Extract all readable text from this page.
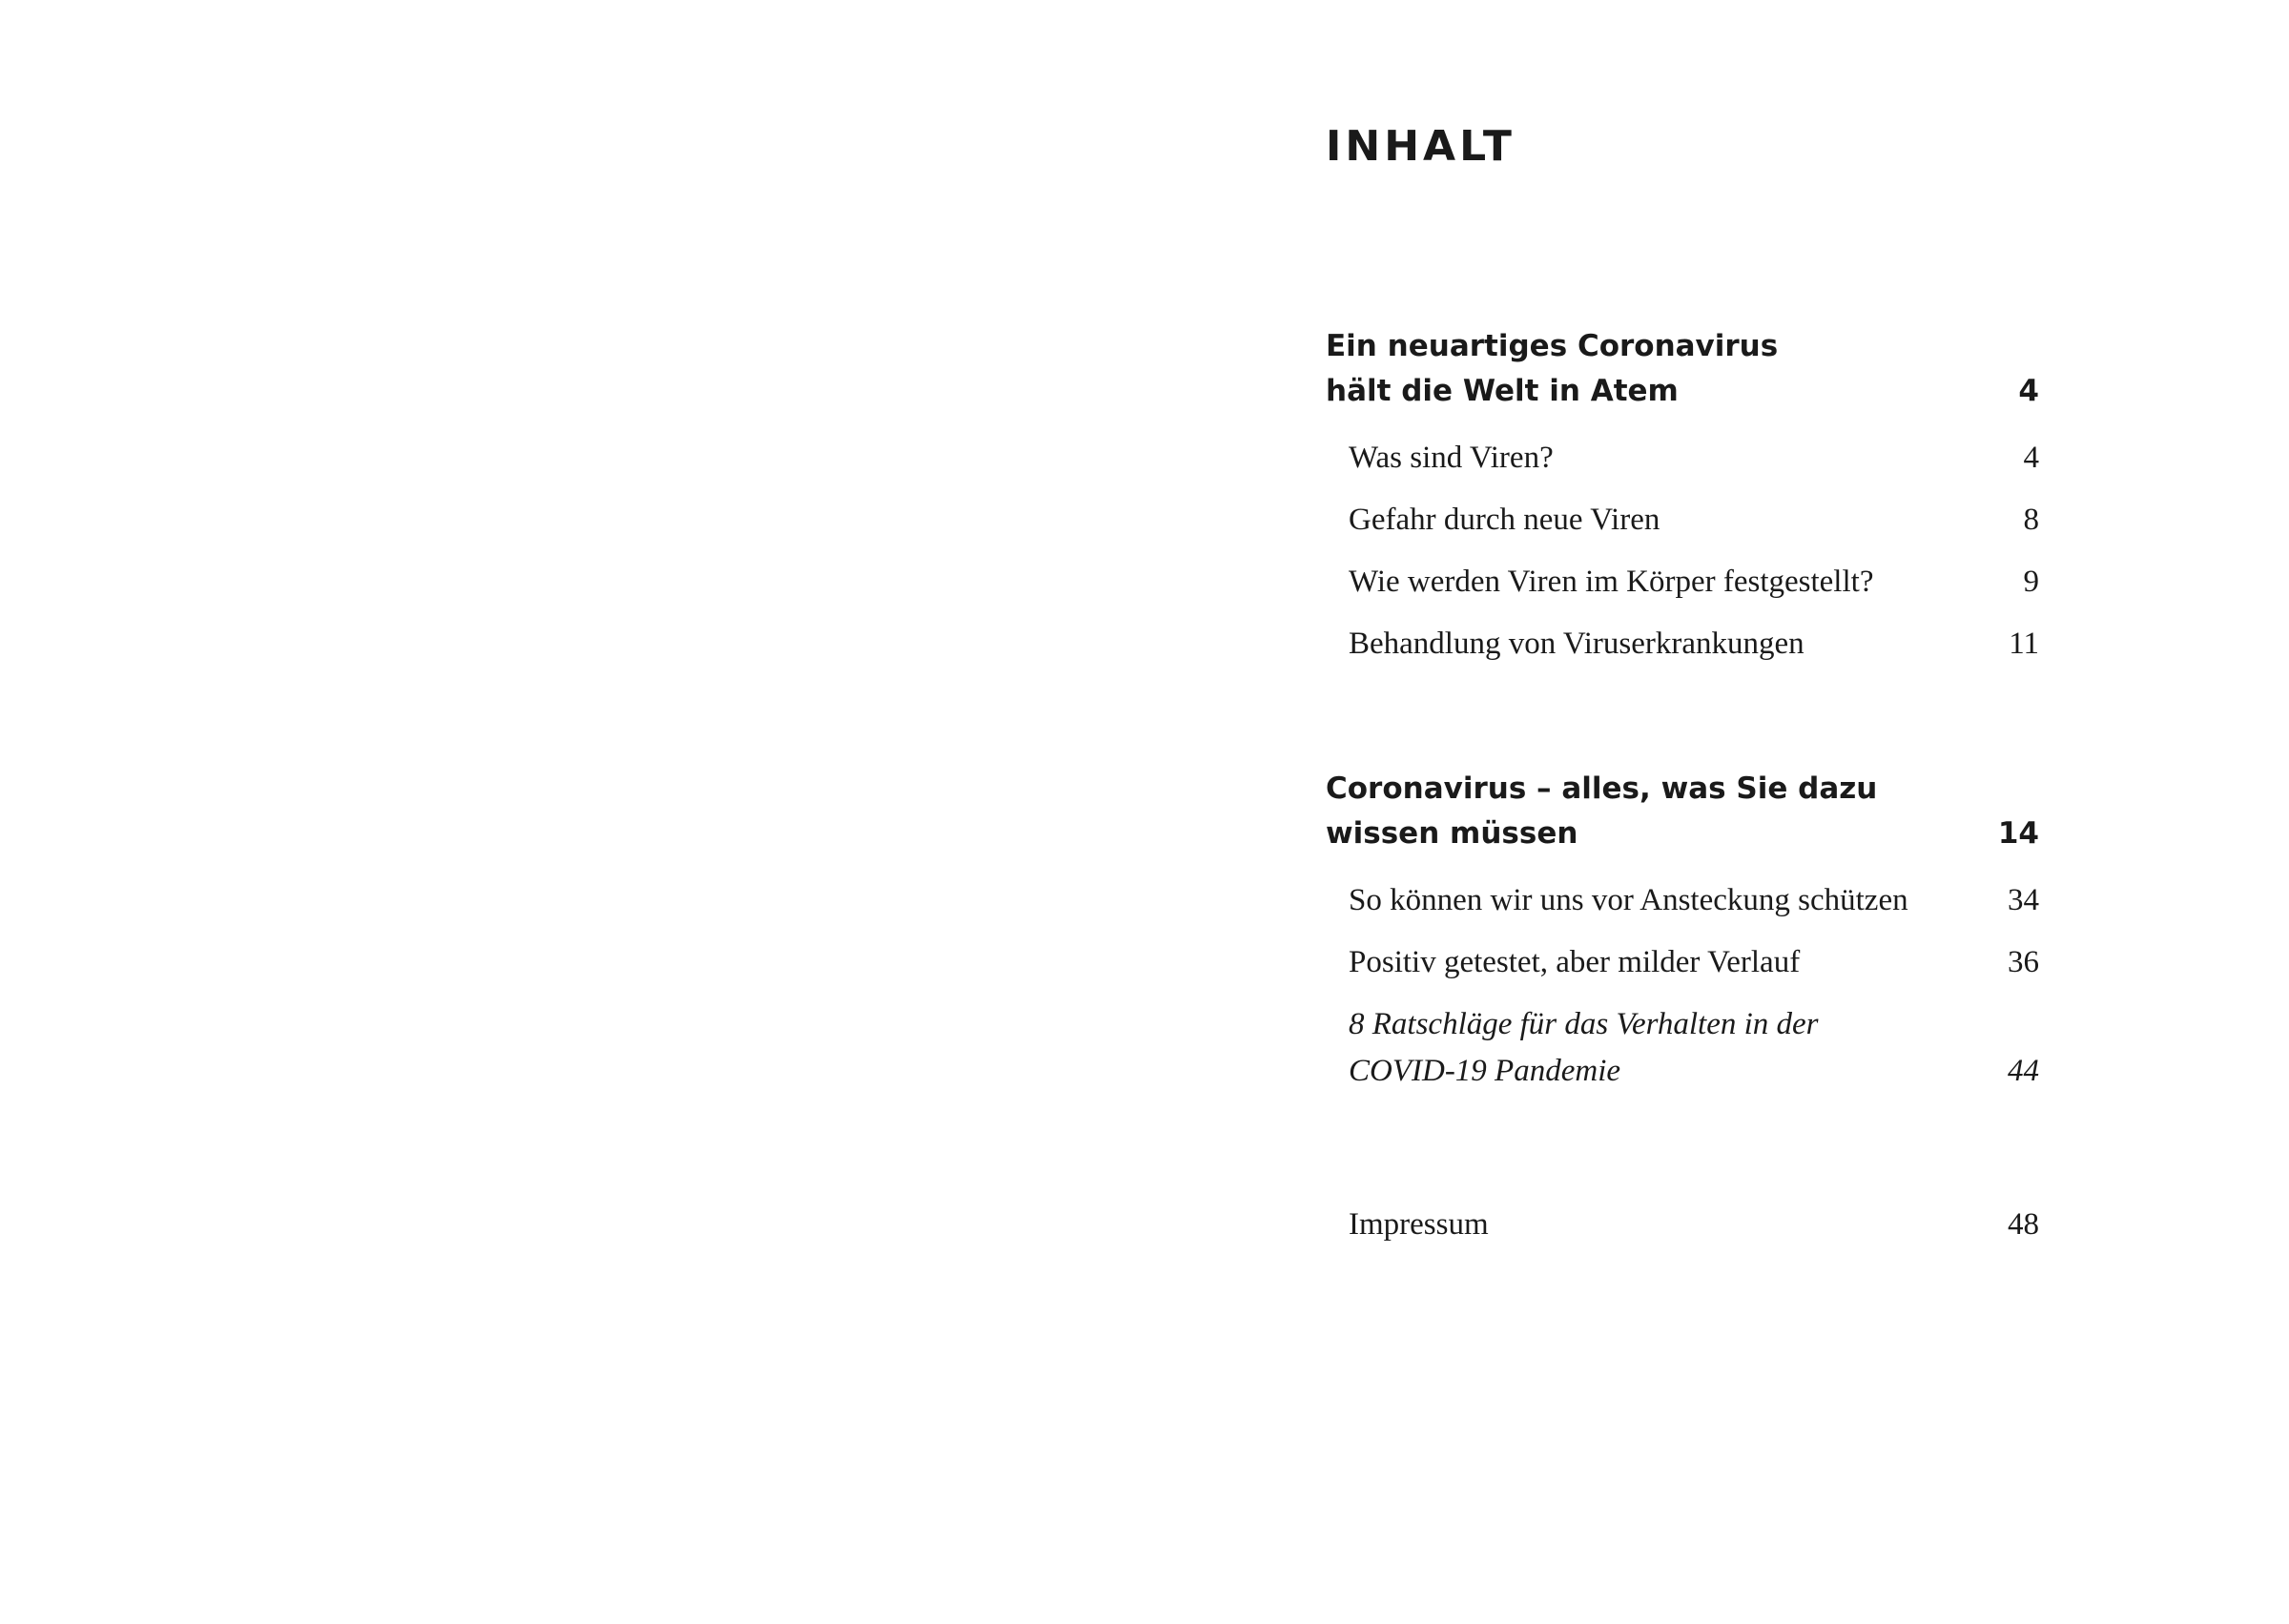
INHALT
Ein neuartiges Coronavirus
hält die Welt in Atem	4
Was sind Viren?	4
Gefahr durch neue Viren	8
Wie werden Viren im Körper festgestellt?	9
Behandlung von Viruserkrankungen	11
Coronavirus – alles, was Sie dazu
wissen müssen	14
So können wir uns vor Ansteckung schützen	34
Positiv getestet, aber milder Verlauf	36
8 Ratschläge für das Verhalten in der
COVID-19 Pandemie	44
Impressum	48
